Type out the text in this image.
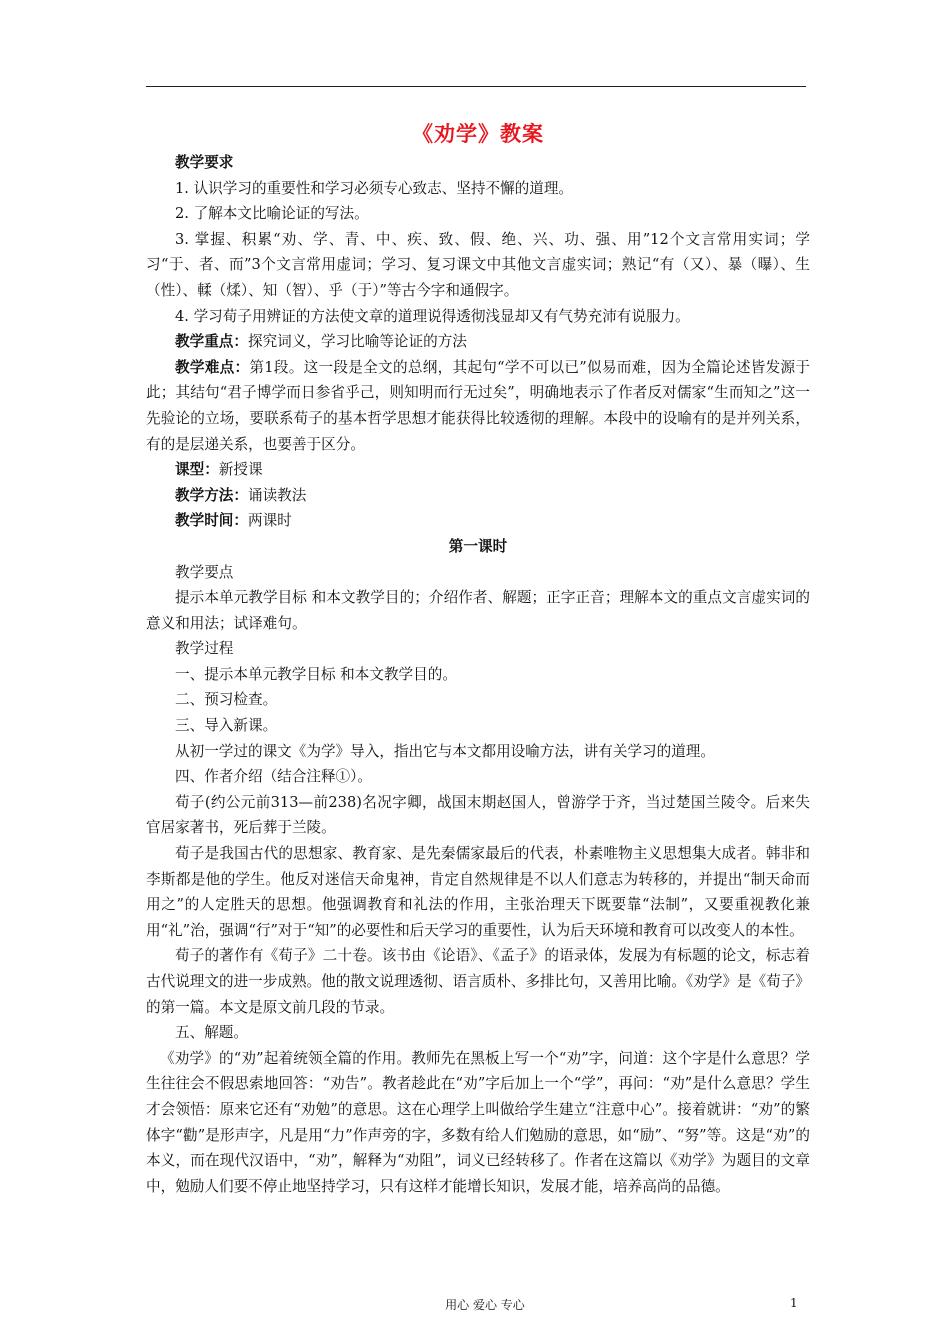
《劝学》教案

教学要求

1. 认识学习的重要性和学习必须专心致志、坚持不懈的道理。

2. 了解本文比喻论证的写法。

3. 掌握、积累“劝、学、青、中、疾、致、假、绝、兴、功、强、用”12个文言常用实词；学习“于、者、而”3个文言常用虚词；学习、复习课文中其他文言虚实词；熟记“有（又）、暴（曝）、生（性）、輮（煣）、知（智）、乎（于）”等古今字和通假字。

4. 学习荀子用辨证的方法使文章的道理说得透彻浅显却又有气势充沛有说服力。

教学重点：探究词义，学习比喻等论证的方法

教学难点：第1段。这一段是全文的总纲，其起句“学不可以已”似易而难，因为全篇论述皆发源于此；其结句“君子博学而日参省乎己，则知明而行无过矣”，明确地表示了作者反对儒家“生而知之”这一先验论的立场，要联系荀子的基本哲学思想才能获得比较透彻的理解。本段中的设喻有的是并列关系，有的是层递关系，也要善于区分。

课型：新授课

教学方法：诵读教法

教学时间：两课时

第一课时

教学要点

提示本单元教学目标 和本文教学目的；介绍作者、解题；正字正音；理解本文的重点文言虚实词的意义和用法；试译难句。

教学过程

一、提示本单元教学目标 和本文教学目的。

二、预习检查。

三、导入新课。

从初一学过的课文《为学》导入，指出它与本文都用设喻方法，讲有关学习的道理。

四、作者介绍（结合注释①）。

荀子(约公元前313—前238)名况字卿，战国末期赵国人，曾游学于齐，当过楚国兰陵令。后来失官居家著书，死后葬于兰陵。

荀子是我国古代的思想家、教育家、是先秦儒家最后的代表，朴素唯物主义思想集大成者。韩非和李斯都是他的学生。他反对迷信天命鬼神，肯定自然规律是不以人们意志为转移的，并提出“制天命而用之”的人定胜天的思想。他强调教育和礼法的作用，主张治理天下既要靠“法制”，又要重视教化兼用“礼”治，强调“行”对于“知”的必要性和后天学习的重要性，认为后天环境和教育可以改变人的本性。

荀子的著作有《荀子》二十卷。该书由《论语》、《孟子》的语录体，发展为有标题的论文，标志着古代说理文的进一步成熟。他的散文说理透彻、语言质朴、多排比句，又善用比喻。《劝学》是《荀子》的第一篇。本文是原文前几段的节录。

五、解题。

《劝学》的“劝”起着统领全篇的作用。教师先在黑板上写一个“劝”字，问道：这个字是什么意思？学生往往会不假思索地回答：“劝告”。教者趁此在“劝”字后加上一个“学”，再问：“劝”是什么意思？学生才会领悟：原来它还有“劝勉”的意思。这在心理学上叫做给学生建立“注意中心”。接着就讲：“劝”的繁体字“勸”是形声字，凡是用“力”作声旁的字，多数有给人们勉励的意思，如“励”、“努”等。这是“劝”的本义，而在现代汉语中，“劝”，解释为“劝阻”，词义已经转移了。作者在这篇以《劝学》为题目的文章中，勉励人们要不停止地坚持学习，只有这样才能增长知识，发展才能，培养高尚的品德。

用心 爱心 专心	1
